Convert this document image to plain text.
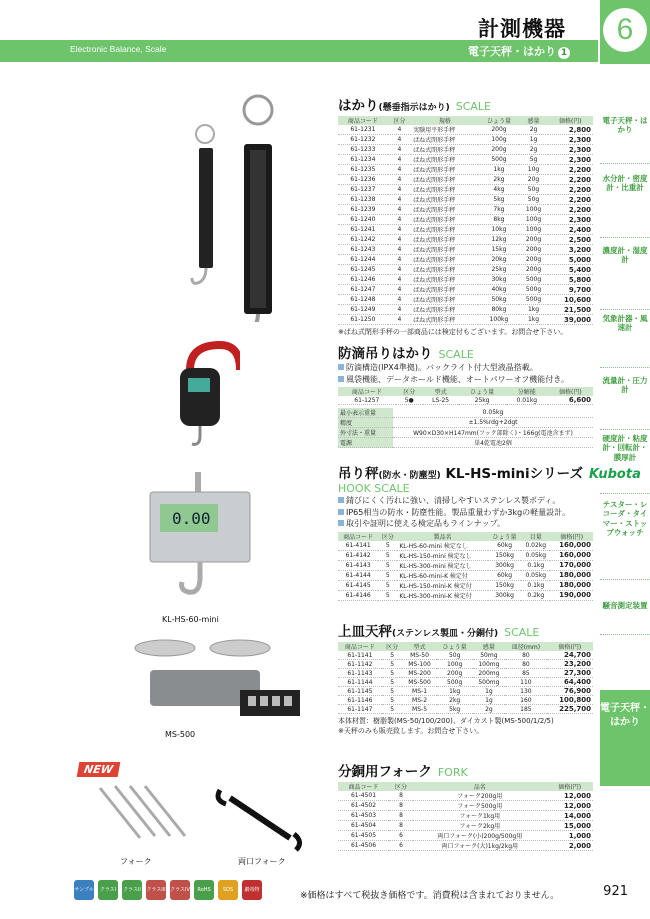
計測機器
Electronic Balance, Scale	電子天秤・はかり 1
6
電子天秤・はかり
水分計・密度計・比重計
濃度計・湿度計
気象計器・風速計
流量計・圧力計
硬度計・粘度計・回転計・膜厚計
テスター・レコーダ・タイマー・ストップウォッチ
騒音測定装置
電子天秤・はかり
はかり(懸垂指示はかり) SCALE
商品コード	区分	規格	ひょう量	感量	価格(円)
61-1231	4	実験用平形手秤	200g	2g	2,800
61-1232	4	ばね式閉形手秤	100g	1g	2,300
61-1233	4	ばね式閉形手秤	200g	2g	2,300
61-1234	4	ばね式閉形手秤	500g	5g	2,300
61-1235	4	ばね式閉形手秤	1kg	10g	2,200
61-1236	4	ばね式閉形手秤	2kg	20g	2,200
61-1237	4	ばね式閉形手秤	4kg	50g	2,200
61-1238	4	ばね式閉形手秤	5kg	50g	2,200
61-1239	4	ばね式閉形手秤	7kg	100g	2,200
61-1240	4	ばね式閉形手秤	8kg	100g	2,300
61-1241	4	ばね式閉形手秤	10kg	100g	2,400
61-1242	4	ばね式閉形手秤	12kg	200g	2,500
61-1243	4	ばね式閉形手秤	15kg	200g	3,200
61-1244	4	ばね式閉形手秤	20kg	200g	5,000
61-1245	4	ばね式閉形手秤	25kg	200g	5,400
61-1246	4	ばね式閉形手秤	30kg	500g	5,800
61-1247	4	ばね式閉形手秤	40kg	500g	9,700
61-1248	4	ばね式閉形手秤	50kg	500g	10,600
61-1249	4	ばね式閉形手秤	80kg	1kg	21,500
61-1250	4	ばね式閉形手秤	100kg	1kg	39,000
※ばね式閉形手秤の一部商品には検定付もございます。お問合せ下さい。
防滴吊りはかり SCALE
防滴構造(IPX4準拠)。バックライト付大型液晶搭載。
風袋機能、データホールド機能、オートパワーオフ機能付き。
商品コード	区分	型式	ひょう量	分解能	価格(円)
61-1257	5●	LS-25	25kg	0.01kg	6,600
最小表示重量	0.05kg
精度	±1.5%rdg+2dgt
外寸法・重量	W90×D30×H147mm(フック部除く)・166g(電池含まず)
電源	単4乾電池2個
0.00
KL-HS-60-mini
吊り秤(防水・防塵型) KL-HS-miniシリーズ Kubota
HOOK SCALE
錆びにくく汚れに強い、清掃しやすいステンレス製ボディ。
IP65相当の防水・防塵性能。製品重量わずか3kgの軽量設計。
取引や証明に使える検定品もラインナップ。
商品コード	区分	製品名	ひょう量	目量	価格(円)
61-4141	5	KL-HS-60-mini 検定なし	60kg	0.02kg	160,000
61-4142	5	KL-HS-150-mini 検定なし	150kg	0.05kg	160,000
61-4143	5	KL-HS-300-mini 検定なし	300kg	0.1kg	170,000
61-4144	5	KL-HS-60-mini-K 検定付	60kg	0.05kg	180,000
61-4145	5	KL-HS-150-mini-K 検定付	150kg	0.1kg	180,000
61-4146	5	KL-HS-300-mini-K 検定付	300kg	0.2kg	190,000
MS-500
上皿天秤(ステンレス製皿・分銅付) SCALE
商品コード	区分	型式	ひょう量	感量	皿径(mm)	価格(円)
61-1141	5	MS-50	50g	50mg	80	24,700
61-1142	5	MS-100	100g	100mg	80	23,200
61-1143	5	MS-200	200g	200mg	85	27,300
61-1144	5	MS-500	500g	500mg	110	64,400
61-1145	5	MS-1	1kg	1g	130	76,900
61-1146	5	MS-2	2kg	1g	160	100,800
61-1147	5	MS-5	5kg	2g	185	225,700
本体材質：樹脂製(MS-50/100/200)、ダイカスト製(MS-500/1/2/5)
※天秤のみも販売致します。お問合せ下さい。
NEW
フォーク	両口フォーク
分銅用フォーク FORK
商品コード	区分	品名	価格(円)
61-4501	8	フォーク200g用	12,000
61-4502	8	フォーク500g用	12,000
61-4503	8	フォーク1kg用	14,000
61-4504	8	フォーク2kg用	15,000
61-4505	6	両口フォーク(小)200g/500g用	1,000
61-4506	6	両口フォーク(大)1kg/2kg用	2,000
サンプル	クラスI	クラスII クラスIII クラスIV	RoHS	SDS	劇毒物
※価格はすべて税抜き価格です。消費税は含まれておりません。	921
